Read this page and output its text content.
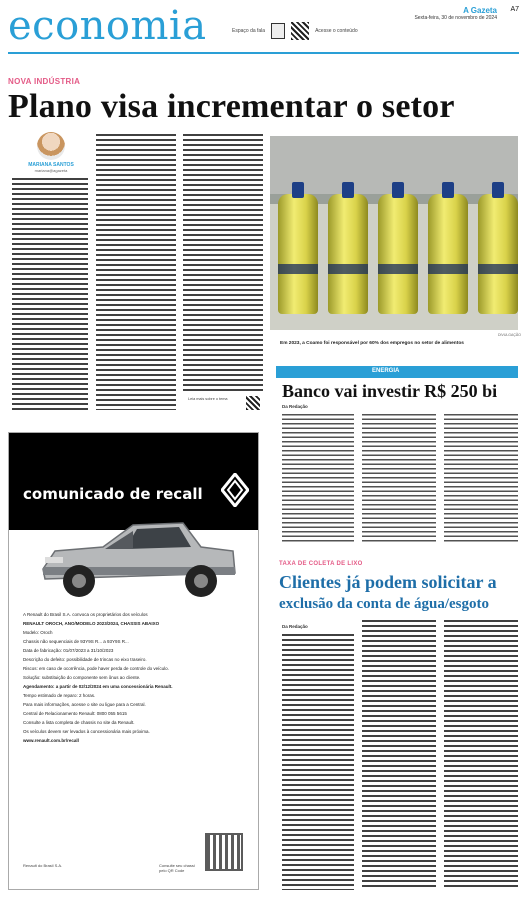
economia	Espaço da fala	Acesse o conteúdo
A Gazeta
Sexta-feira, 30 de novembro de 2024
A7
NOVA INDÚSTRIA
Plano visa incrementar o setor
MARIANA SANTOS
mariana@agazeta
Leia mais sobre o tema
DIVULGAÇÃO
Em 2023, a Coamo foi responsável por 60% dos empregos no setor de alimentos
ENERGIA
Banco vai investir R$ 250 bi
Da Redação
TAXA DE COLETA DE LIXO
Clientes já podem solicitar a
exclusão da conta de água/esgoto
Da Redação
comunicado de recall
A Renault do Brasil S.A. convoca os proprietários dos veículos
RENAULT OROCH, ANO/MODELO 2023/2024, CHASSIS ABAIXO
Modelo: Oroch
Chassis não sequenciais de 93Y9S R... a 93Y9S R...
Data de fabricação: 01/07/2023 a 31/10/2023
Descrição do defeito: possibilidade de trincas no eixo traseiro.
Riscos: em caso de ocorrência, pode haver perda de controle do veículo.
Solução: substituição do componente sem ônus ao cliente.
Agendamento: a partir de 02/12/2024 em uma concessionária Renault.
Tempo estimado de reparo: 2 horas.
Para mais informações, acesse o site ou ligue para a Central.
Central de Relacionamento Renault: 0800 055 5615
Consulte a lista completa de chassis no site da Renault.
Os veículos devem ser levados à concessionária mais próxima.
www.renault.com.br/recall
Renault do Brasil S.A.	Consulte seu chassi pelo QR Code
